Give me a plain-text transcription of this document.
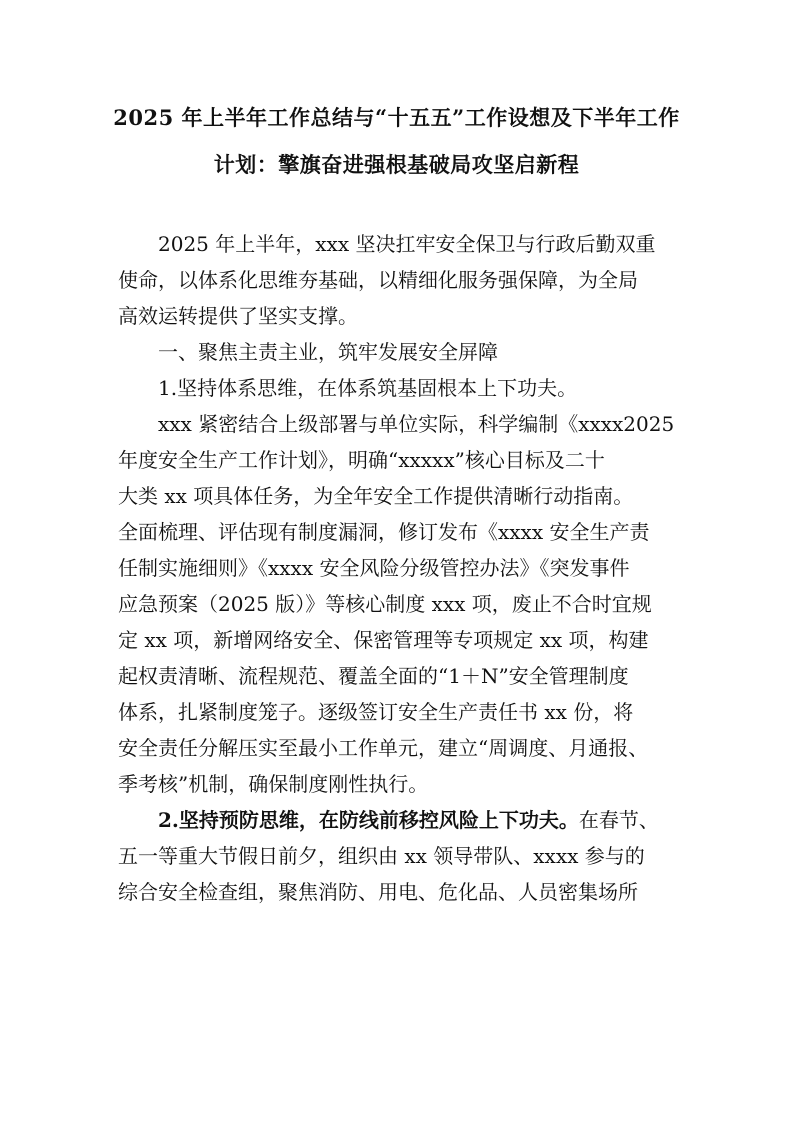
2025 年上半年工作总结与“十五五”工作设想及下半年工作
计划：擎旗奋进强根基破局攻坚启新程
2025 年上半年，xxx 坚决扛牢安全保卫与行政后勤双重
使命，以体系化思维夯基础，以精细化服务强保障，为全局
高效运转提供了坚实支撑。
一、聚焦主责主业，筑牢发展安全屏障
1.坚持体系思维，在体系筑基固根本上下功夫。
xxx 紧密结合上级部署与单位实际，科学编制《xxxx2025
年度安全生产工作计划》，明确“xxxxx”核心目标及二十
大类 xx 项具体任务，为全年安全工作提供清晰行动指南。
全面梳理、评估现有制度漏洞，修订发布《xxxx 安全生产责
任制实施细则》《xxxx 安全风险分级管控办法》《突发事件
应急预案（2025 版）》等核心制度 xxx 项，废止不合时宜规
定 xx 项，新增网络安全、保密管理等专项规定 xx 项，构建
起权责清晰、流程规范、覆盖全面的“1＋N”安全管理制度
体系，扎紧制度笼子。逐级签订安全生产责任书 xx 份，将
安全责任分解压实至最小工作单元，建立“周调度、月通报、
季考核”机制，确保制度刚性执行。
2.坚持预防思维，在防线前移控风险上下功夫。在春节、
五一等重大节假日前夕，组织由 xx 领导带队、xxxx 参与的
综合安全检查组，聚焦消防、用电、危化品、人员密集场所
